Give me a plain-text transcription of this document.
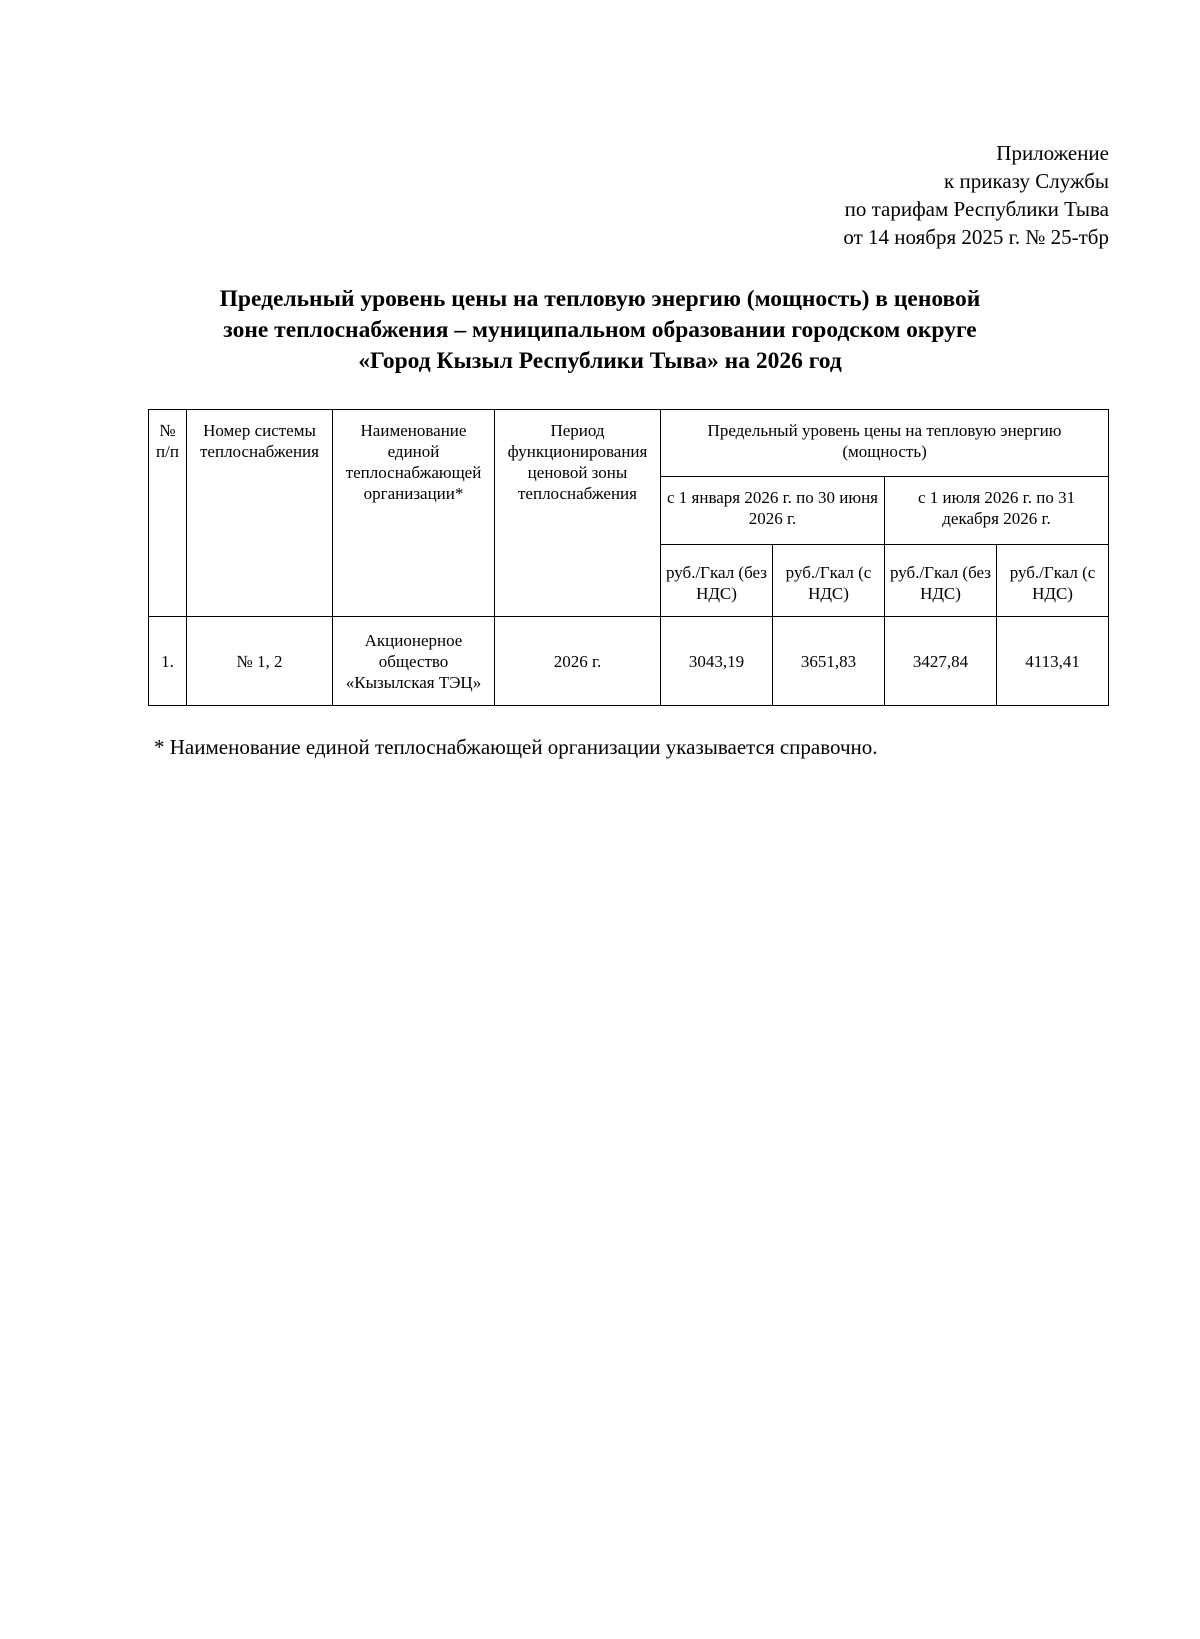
Приложение
к приказу Службы
по тарифам Республики Тыва
от 14 ноября 2025 г. № 25-тбр
Предельный уровень цены на тепловую энергию (мощность) в ценовой
зоне теплоснабжения – муниципальном образовании городском округе
«Город Кызыл Республики Тыва» на 2026 год
№ п/п	Номер системы теплоснабжения	Наименование единой теплоснабжающей организации*	Период функционирования ценовой зоны теплоснабжения	Предельный уровень цены на тепловую энергию (мощность)			
				с 1 января 2026 г. по 30 июня 2026 г.		с 1 июля 2026 г. по 31 декабря 2026 г.	
				руб./Гкал (без НДС)	руб./Гкал (с НДС)	руб./Гкал (без НДС)	руб./Гкал (с НДС)
1.	№ 1, 2	Акционерное общество «Кызылская ТЭЦ»	2026 г.	3043,19	3651,83	3427,84	4113,41
* Наименование единой теплоснабжающей организации указывается справочно.
